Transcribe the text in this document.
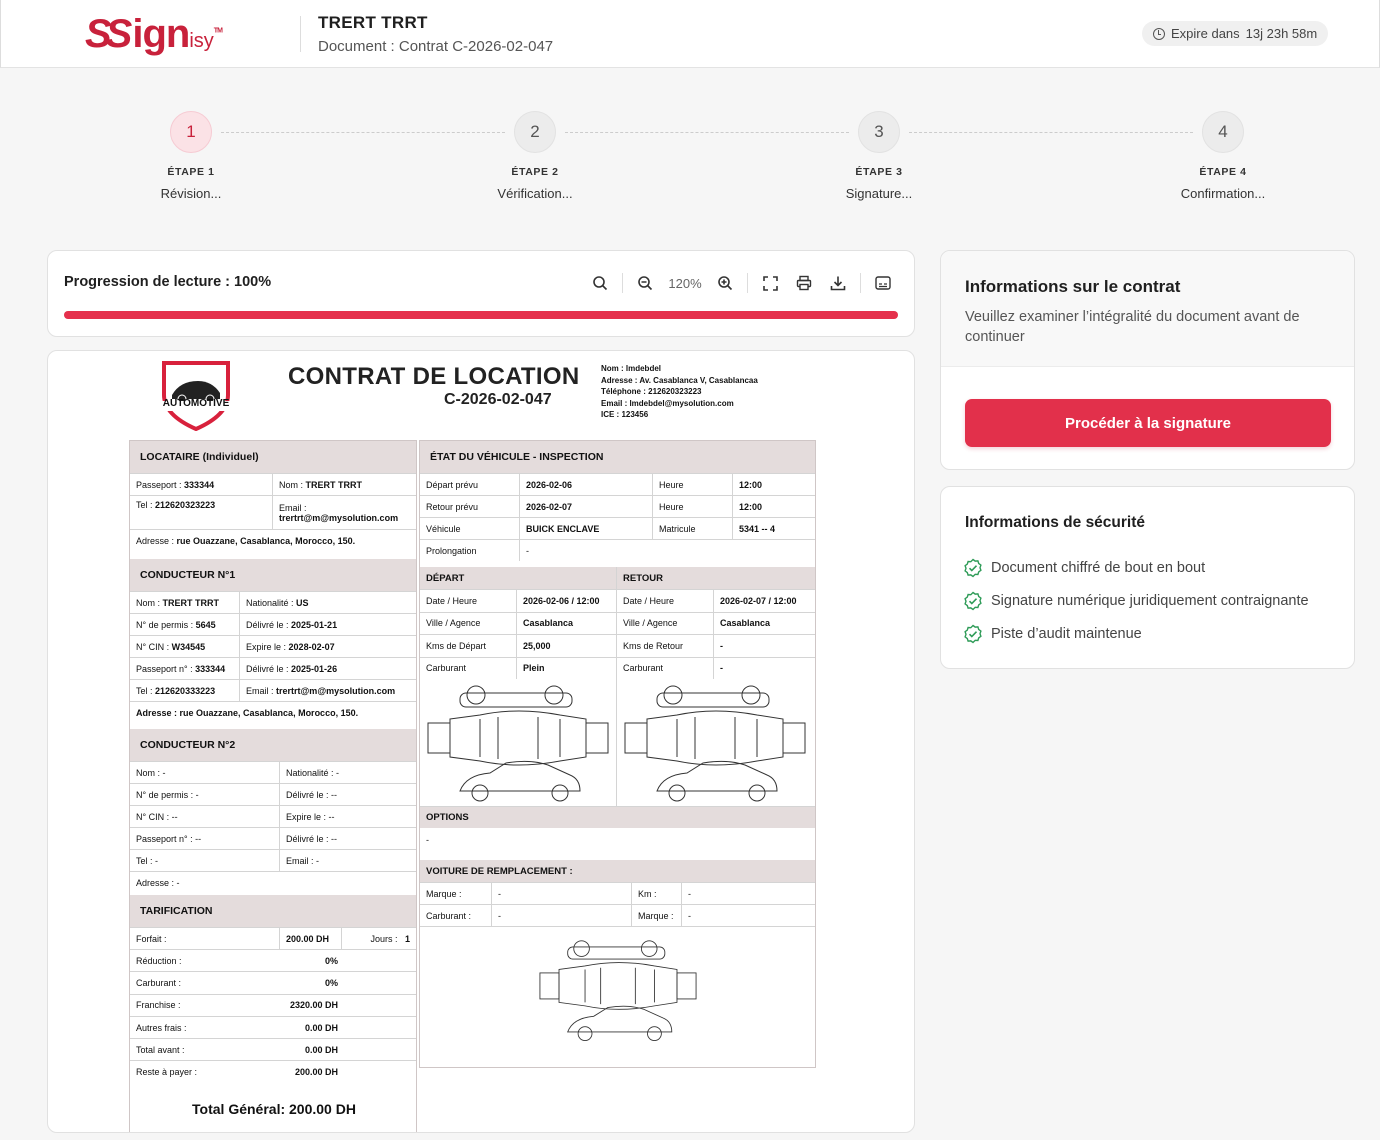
SS ignisy™	TRERT TRRT
Document : Contrat C-2026-02-047
Expire dans 13j 23h 58m
1
ÉTAPE 1
Révision...
2
ÉTAPE 2
Vérification...
3
ÉTAPE 3
Signature...
4
ÉTAPE 4
Confirmation...
Progression de lecture : 100%	120%
AUTOMOTIVE
CONTRAT DE LOCATION
C-2026-02-047
Nom : lmdebdel
Adresse : Av. Casablanca V, Casablancaa
Téléphone : 212620323223
Email : lmdebdel@mysolution.com
ICE : 123456
LOCATAIRE (Individuel)
Passeport :
333344	Nom :
TRERT TRRT
Tel :
212620323223	Email :
trertrt@m@mysolution.com
Adresse :
rue Ouazzane, Casablanca, Morocco, 150.
CONDUCTEUR N°1
Nom :
TRERT TRRT	Nationalité :
US
N° de permis :
5645	Délivré le :
2025-01-21
N° CIN :
W34545	Expire le :
2028-02-07
Passeport n° :
333344 Délivré le :
2025-01-26
Tel :
212620333223	Email :
trertrt@m@mysolution.com
Adresse : rue Ouazzane, Casablanca, Morocco, 150.
CONDUCTEUR N°2
Nom : -	Nationalité : -
N° de permis : -	Délivré le : --
N° CIN : --	Expire le : --
Passeport n° : --	Délivré le : --
Tel : -	Email : -
Adresse : -
TARIFICATION
Forfait :	200.00 DH	Jours :
1
Réduction :	0%
Carburant :	0%
Franchise :	2320.00 DH
Autres frais :	0.00 DH
Total avant :	0.00 DH
Reste à payer :	200.00 DH
Total Général: 200.00 DH
ÉTAT DU VÉHICULE - INSPECTION
Départ prévu	2026-02-06	Heure	12:00
Retour prévu	2026-02-07	Heure	12:00
Véhicule	BUICK ENCLAVE	Matricule	5341 -- 4
Prolongation	-
DÉPART
Date / Heure	2026-02-06 / 12:00
Ville / Agence	Casablanca
Kms de Départ	25,000
Carburant	Plein
RETOUR
Date / Heure	2026-02-07 / 12:00
Ville / Agence	Casablanca
Kms de Retour	-
Carburant	-
OPTIONS
-
VOITURE DE REMPLACEMENT :
Marque :	-	Km :	-
Carburant :	-	Marque :	-
Informations sur le contrat
Veuillez examiner l’intégralité du document avant de continuer
Procéder à la signature
Informations de sécurité
Document chiffré de bout en bout
Signature numérique juridiquement contraignante
Piste d’audit maintenue
